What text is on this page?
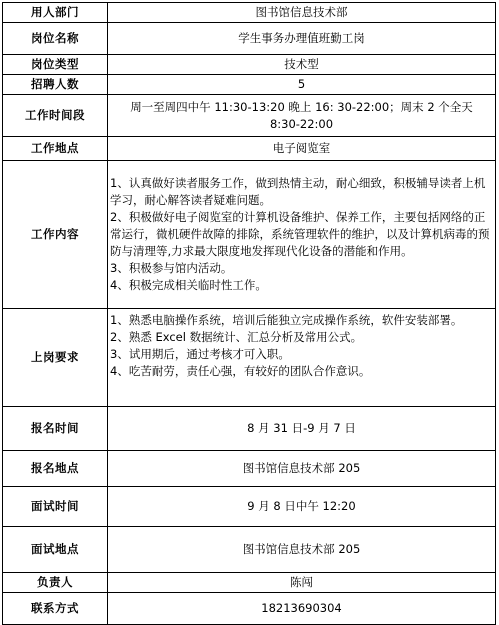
用人部门	图书馆信息技术部
岗位名称	学生事务办理值班勤工岗
岗位类型	技术型
招聘人数	5
工作时间段	周一至周四中午 11:30-13:20 晚上 16: 30-22:00；周末 2 个全天
8:30-22:00

工作地点	电子阅览室
工作内容	1、认真做好读者服务工作，做到热情主动，耐心细致，积极辅导读者上机学习，耐心解答读者疑难问题。
2、积极做好电子阅览室的计算机设备维护、保养工作，主要包括网络的正常运行，微机硬件故障的排除，系统管理软件的维护，以及计算机病毒的预防与清理等,力求最大限度地发挥现代化设备的潜能和作用。
3、积极参与馆内活动。
4、积极完成相关临时性工作。

上岗要求	1、熟悉电脑操作系统，培训后能独立完成操作系统，软件安装部署。
2、熟悉 Excel 数据统计、汇总分析及常用公式。
3、试用期后，通过考核才可入职。
4、吃苦耐劳，责任心强，有较好的团队合作意识。

报名时间	8 月 31 日-9 月 7 日
报名地点	图书馆信息技术部 205
面试时间	9 月 8 日中午 12:20
面试地点	图书馆信息技术部 205
负责人	陈闯
联系方式	18213690304
